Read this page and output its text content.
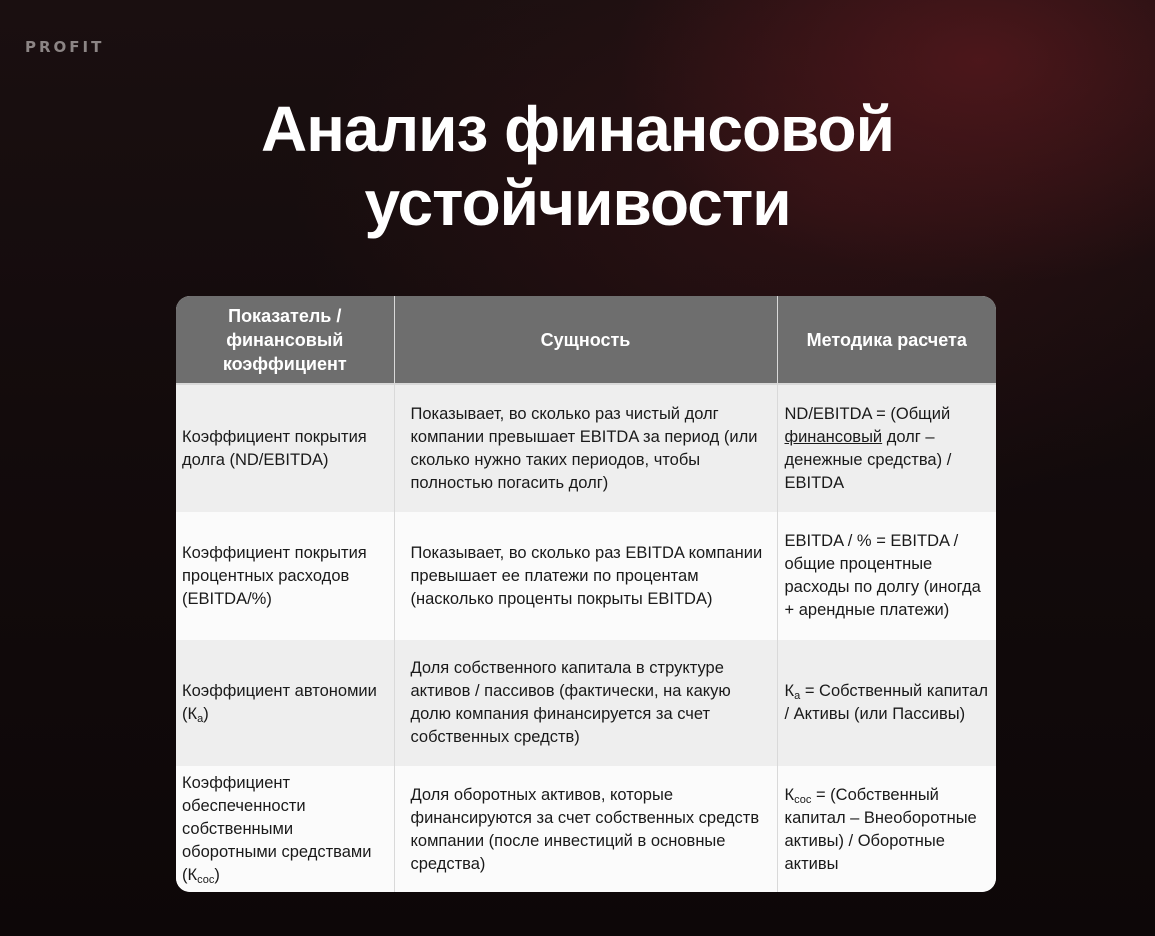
PROFIT
Анализ финансовой
устойчивости
Показатель / финансовый коэффициент	Сущность	Методика расчета
Коэффициент покрытия долга (ND/EBITDA)	Показывает, во сколько раз чистый долг компании превышает EBITDA за период (или сколько нужно таких периодов, чтобы полностью погасить долг)	ND/EBITDA = (Общий финансовый долг – денежные средства) / EBITDA
Коэффициент покрытия процентных расходов (EBITDA/%)	Показывает, во сколько раз EBITDA компании превышает ее платежи по процентам (насколько проценты покрыты EBITDA)	EBITDA / % = EBITDA / общие процентные расходы по долгу (иногда + арендные платежи)
Коэффициент автономии $(К_а)$	Доля собственного капитала в структуре активов / пассивов (фактически, на какую долю компания финансируется за счет собственных средств)	$К_а$ = Собственный капитал / Активы (или Пассивы)
Коэффициент обеспеченности собственными оборотными средствами $(К_{сос})$	Доля оборотных активов, которые финансируются за счет собственных средств компании (после инвестиций в основные средства)	$К_{сос}$ = (Собственный капитал – Внеоборотные активы) / Оборотные активы
